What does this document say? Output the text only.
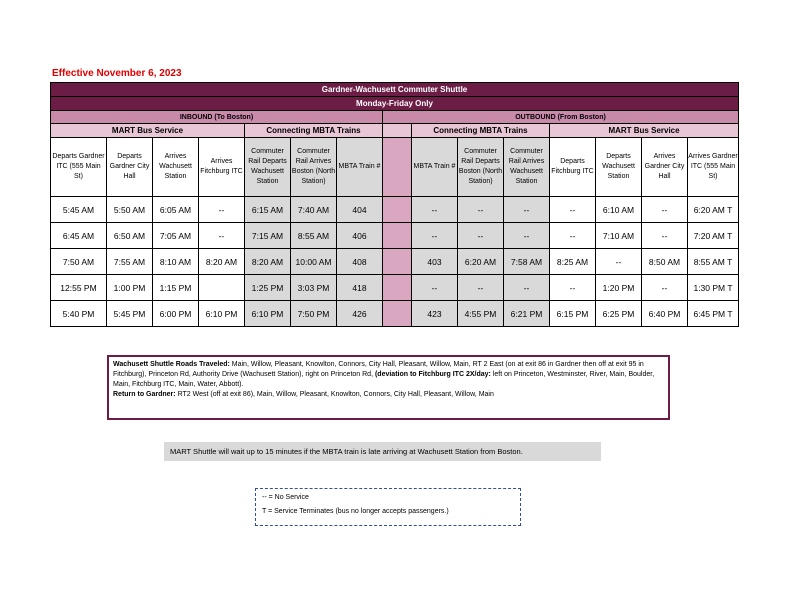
Effective November 6, 2023
Gardner-Wachusett Commuter Shuttle														
Monday-Friday Only														
INBOUND (To Boston)							OUTBOUND (From Boston)							
MART Bus Service				Connecting MBTA Trains				Connecting MBTA Trains			MART Bus Service			
Departs Gardner ITC (555 Main St)	Departs Gardner City Hall	Arrives Wachusett Station	Arrives Fitchburg ITC	Commuter Rail Departs Wachusett Station	Commuter Rail Arrives Boston (North Station)	MBTA Train #		MBTA Train #	Commuter Rail Departs Boston (North Station)	Commuter Rail Arrives Wachusett Station	Departs Fitchburg ITC	Departs Wachusett Station	Arrives Gardner City Hall	Arrives Gardner ITC (555 Main St)
5:45 AM	5:50 AM	6:05 AM	--	6:15 AM	7:40 AM	404		--	--	--	--	6:10 AM	--	6:20 AM T
6:45 AM	6:50 AM	7:05 AM	--	7:15 AM	8:55 AM	406		--	--	--	--	7:10 AM	--	7:20 AM T
7:50 AM	7:55 AM	8:10 AM	8:20 AM	8:20 AM	10:00 AM	408		403	6:20 AM	7:58 AM	8:25 AM	--	8:50 AM	8:55 AM T
12:55 PM	1:00 PM	1:15 PM		1:25 PM	3:03 PM	418		--	--	--	--	1:20 PM	--	1:30 PM T
5:40 PM	5:45 PM	6:00 PM	6:10 PM	6:10 PM	7:50 PM	426		423	4:55 PM	6:21 PM	6:15 PM	6:25 PM	6:40 PM	6:45 PM T
Wachusett Shuttle Roads Traveled: Main, Willow, Pleasant, Knowlton, Connors, City Hall, Pleasant, Willow, Main, RT 2 East (on at exit 86 in Gardner then off at exit 95 in Fitchburg), Princeton Rd, Authority Drive (Wachusett Station), right on Princeton Rd, (deviation to Fitchburg ITC 2X/day: left on Princeton, Westminster, River, Main, Boulder, Main, Fitchburg ITC, Main, Water, Abbott).
Return to Gardner: RT2 West (off at exit 86), Main, Willow, Pleasant, Knowlton, Connors, City Hall, Pleasant, Willow, Main
MART Shuttle will wait up to 15 minutes if the MBTA train is late arriving at Wachusett Station from Boston.
-- = No Service
T = Service Terminates (bus no longer accepts passengers.)
